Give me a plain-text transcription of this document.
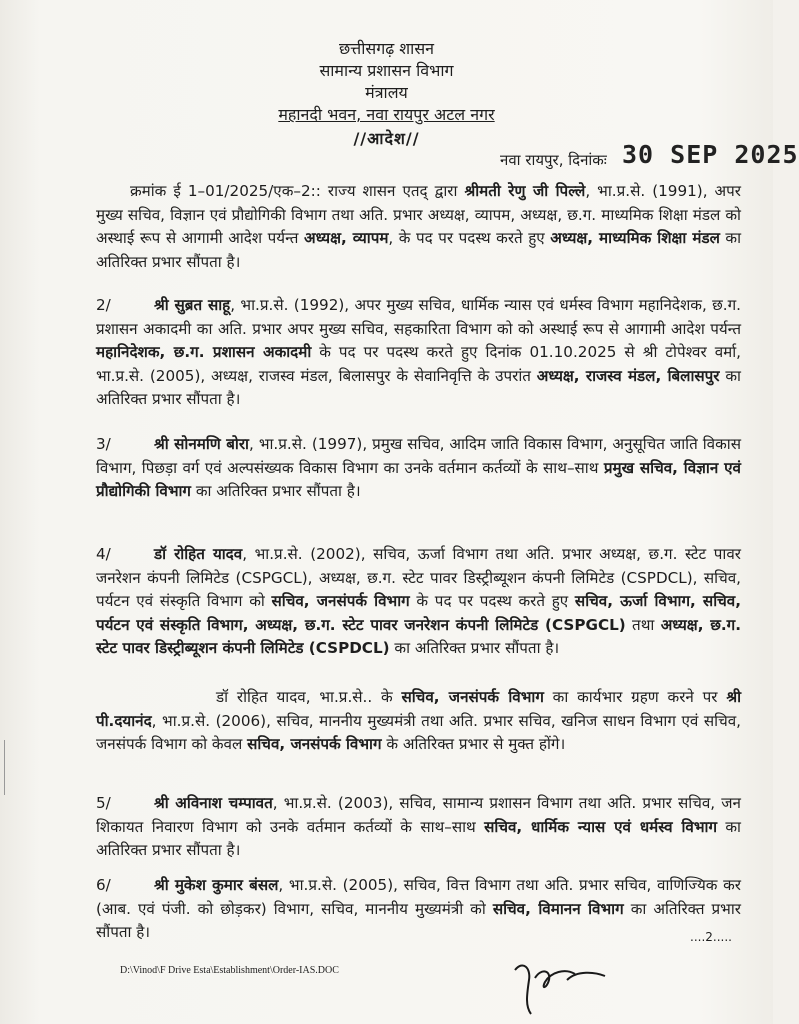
छत्तीसगढ़ शासन
सामान्य प्रशासन विभाग
मंत्रालय
महानदी भवन, नवा रायपुर अटल नगर
//आदेश//
नवा रायपुर, दिनांकः 30 SEP 2025
क्रमांक ई 1–01/2025/एक–2:: राज्य शासन एतद् द्वारा श्रीमती रेणु जी पिल्ले, भा.प्र.से. (1991), अपर मुख्य सचिव, विज्ञान एवं प्रौद्योगिकी विभाग तथा अति. प्रभार अध्यक्ष, व्यापम, अध्यक्ष, छ.ग. माध्यमिक शिक्षा मंडल को अस्थाई रूप से आगामी आदेश पर्यन्त अध्यक्ष, व्यापम, के पद पर पदस्थ करते हुए अध्यक्ष, माध्यमिक शिक्षा मंडल का अतिरिक्त प्रभार सौंपता है।
2/	श्री सुब्रत साहू, भा.प्र.से. (1992), अपर मुख्य सचिव, धार्मिक न्यास एवं धर्मस्व विभाग महानिदेशक, छ.ग. प्रशासन अकादमी का अति. प्रभार अपर मुख्य सचिव, सहकारिता विभाग को को अस्थाई रूप से आगामी आदेश पर्यन्त महानिदेशक, छ.ग. प्रशासन अकादमी के पद पर पदस्थ करते हुए दिनांक 01.10.2025 से श्री टोपेश्वर वर्मा, भा.प्र.से. (2005), अध्यक्ष, राजस्व मंडल, बिलासपुर के सेवानिवृत्ति के उपरांत अध्यक्ष, राजस्व मंडल, बिलासपुर का अतिरिक्त प्रभार सौंपता है।
3/	श्री सोनमणि बोरा, भा.प्र.से. (1997), प्रमुख सचिव, आदिम जाति विकास विभाग, अनुसूचित जाति विकास विभाग, पिछड़ा वर्ग एवं अल्पसंख्यक विकास विभाग का उनके वर्तमान कर्तव्यों के साथ–साथ प्रमुख सचिव, विज्ञान एवं प्रौद्योगिकी विभाग का अतिरिक्त प्रभार सौंपता है।
4/	डॉ रोहित यादव, भा.प्र.से. (2002), सचिव, ऊर्जा विभाग तथा अति. प्रभार अध्यक्ष, छ.ग. स्टेट पावर जनरेशन कंपनी लिमिटेड (CSPGCL), अध्यक्ष, छ.ग. स्टेट पावर डिस्ट्रीब्यूशन कंपनी लिमिटेड (CSPDCL), सचिव, पर्यटन एवं संस्कृति विभाग को सचिव, जनसंपर्क विभाग के पद पर पदस्थ करते हुए सचिव, ऊर्जा विभाग, सचिव, पर्यटन एवं संस्कृति विभाग, अध्यक्ष, छ.ग. स्टेट पावर जनरेशन कंपनी लिमिटेड (CSPGCL) तथा अध्यक्ष, छ.ग. स्टेट पावर डिस्ट्रीब्यूशन कंपनी लिमिटेड (CSPDCL) का अतिरिक्त प्रभार सौंपता है।
डॉ रोहित यादव, भा.प्र.से.. के सचिव, जनसंपर्क विभाग का कार्यभार ग्रहण करने पर श्री पी.दयानंद, भा.प्र.से. (2006), सचिव, माननीय मुख्यमंत्री तथा अति. प्रभार सचिव, खनिज साधन विभाग एवं सचिव, जनसंपर्क विभाग को केवल सचिव, जनसंपर्क विभाग के अतिरिक्त प्रभार से मुक्त होंगे।
5/	श्री अविनाश चम्पावत, भा.प्र.से. (2003), सचिव, सामान्य प्रशासन विभाग तथा अति. प्रभार सचिव, जन शिकायत निवारण विभाग को उनके वर्तमान कर्तव्यों के साथ–साथ सचिव, धार्मिक न्यास एवं धर्मस्व विभाग का अतिरिक्त प्रभार सौंपता है।
6/	श्री मुकेश कुमार बंसल, भा.प्र.से. (2005), सचिव, वित्त विभाग तथा अति. प्रभार सचिव, वाणिज्यिक कर (आब. एवं पंजी. को छोड़कर) विभाग, सचिव, माननीय मुख्यमंत्री को सचिव, विमानन विभाग का अतिरिक्त प्रभार सौंपता है।	....2.....
D:\Vinod\F Drive Esta\Establishment\Order-IAS.DOC
